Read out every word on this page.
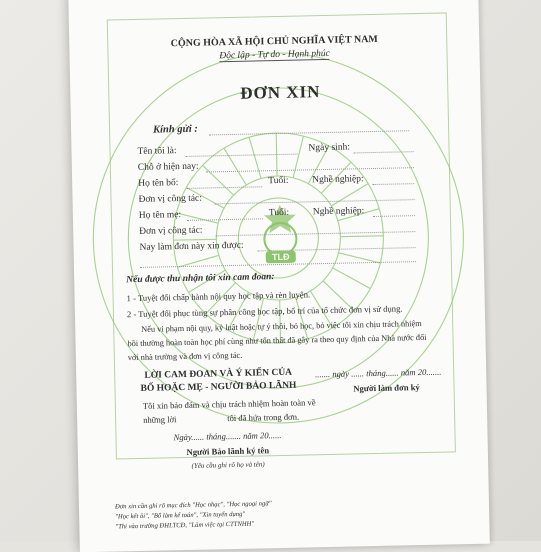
TLĐ
CỘNG HÒA XÃ HỘI CHỦ NGHĨA VIỆT NAM
Độc lập - Tự do - Hạnh phúc
ĐƠN XIN
Kính gửi :
Tên tôi là:	Ngày sinh:
Chỗ ở hiện nay:
Họ tên bố:	Tuổi: Nghề nghiệp:
Đơn vị công tác:
Họ tên mẹ:	Tuổi: Nghề nghiệp:
Đơn vị công tác:
Nay làm đơn này xin được:
Nếu được thu nhận tôi xin cam đoan:
1 - Tuyệt đối chấp hành nội quy học tập và rèn luyện.
2 - Tuyệt đối phục tùng sự phân công học tập, bố trí của tổ chức đơn vị sử dụng.
Nếu vi phạm nội quy, kỷ luật hoặc tự ý thôi, bỏ học, bỏ việc tôi xin chịu trách nhiệm
bồi thường hoàn toàn học phí cùng như tổn thất đã gây ra theo quy định của Nhà nước đối
với nhà trường và đơn vị công tác.
LỜI CAM ĐOAN VÀ Ý KIẾN CỦA
BỐ HOẶC MẸ - NGƯỜI BẢO LÃNH
Tôi xin bảo đảm và chịu trách nhiệm hoàn toàn về
những lời	tôi đã hứa trong đơn.
Ngày...... tháng....... năm 20......
Người Bảo lãnh ký tên
(Yêu cầu ghi rõ họ và tên)
....... ngày ...... tháng...... năm 20.......
Người làm đơn ký
Đơn xin cần ghi rõ mục đích "Học nhạc", "Học ngoại ngữ"
"Học kết ôi", "Bổ làm kế toán", "Xin tuyển dụng"
"Thi vào trường ĐHLTCĐ, "Làm việc tại CTTNHH"
